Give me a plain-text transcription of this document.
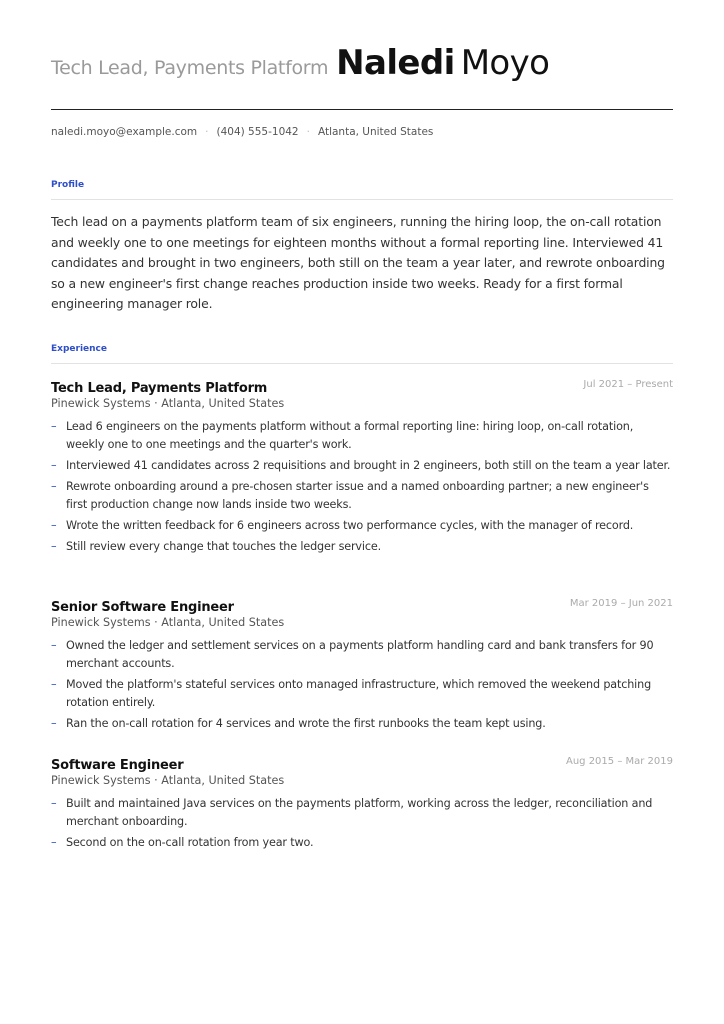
Tech Lead, Payments Platform Naledi Moyo
naledi.moyo@example.com · (404) 555-1042 · Atlanta, United States
Profile
Tech lead on a payments platform team of six engineers, running the hiring loop, the on-call rotation and weekly one to one meetings for eighteen months without a formal reporting line. Interviewed 41 candidates and brought in two engineers, both still on the team a year later, and rewrote onboarding so a new engineer's first change reaches production inside two weeks. Ready for a first formal engineering manager role.
Experience
Tech Lead, Payments Platform	Jul 2021 – Present
Pinewick Systems · Atlanta, United States
– Lead 6 engineers on the payments platform without a formal reporting line: hiring loop, on-call rotation, weekly one to one meetings and the quarter's work.
– Interviewed 41 candidates across 2 requisitions and brought in 2 engineers, both still on the team a year later.
– Rewrote onboarding around a pre-chosen starter issue and a named onboarding partner; a new engineer's first production change now lands inside two weeks.
– Wrote the written feedback for 6 engineers across two performance cycles, with the manager of record.
– Still review every change that touches the ledger service.
Senior Software Engineer	Mar 2019 – Jun 2021
Pinewick Systems · Atlanta, United States
– Owned the ledger and settlement services on a payments platform handling card and bank transfers for 90 merchant accounts.
– Moved the platform's stateful services onto managed infrastructure, which removed the weekend patching rotation entirely.
– Ran the on-call rotation for 4 services and wrote the first runbooks the team kept using.
Software Engineer	Aug 2015 – Mar 2019
Pinewick Systems · Atlanta, United States
– Built and maintained Java services on the payments platform, working across the ledger, reconciliation and merchant onboarding.
– Second on the on-call rotation from year two.
